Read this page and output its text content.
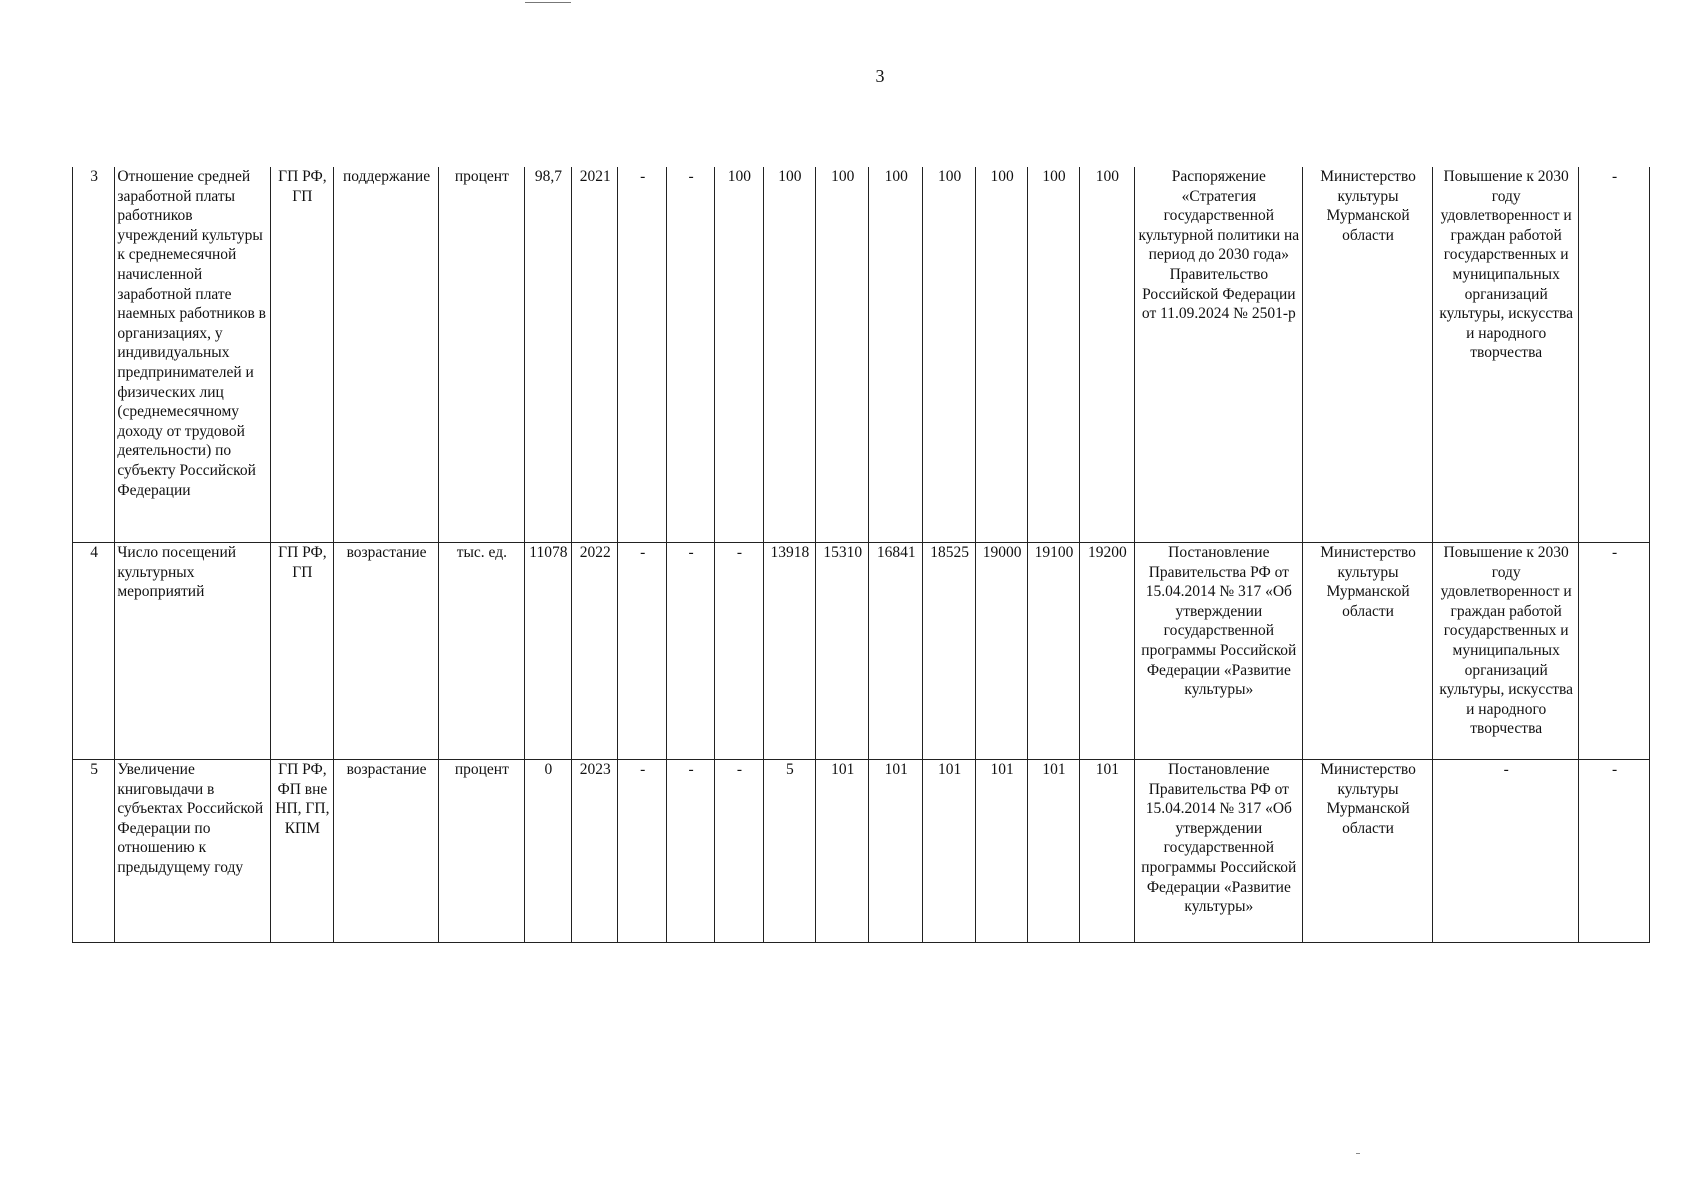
3
3	Отношение средней заработной платы работников учреждений культуры к среднемесячной начисленной заработной плате наемных работников в организациях, у индивидуальных предпринимателей и физических лиц (среднемесячному доходу от трудовой деятельности) по субъекту Российской Федерации	ГП РФ, ГП	поддержание	процент	98,7	2021	-	-	100	100	100	100	100	100	100	100	Распоряжение «Стратегия государственной культурной политики на период до 2030 года» Правительство Российской Федерации от 11.09.2024 № 2501-р	Министерство культуры Мурманской области	Повышение к 2030 году удовлетворенност и граждан работой государственных и муниципальных организаций культуры, искусства и народного творчества	-
4	Число посещений культурных мероприятий	ГП РФ, ГП	возрастание	тыс. ед.	11078	2022	-	-	-	13918	15310	16841	18525	19000	19100	19200	Постановление Правительства РФ от 15.04.2014 № 317 «Об утверждении государственной программы Российской Федерации «Развитие культуры»	Министерство культуры Мурманской области	Повышение к 2030 году удовлетворенност и граждан работой государственных и муниципальных организаций культуры, искусства и народного творчества	-
5	Увеличение книговыдачи в субъектах Российской Федерации по отношению к предыдущему году	ГП РФ, ФП вне НП, ГП, КПМ	возрастание	процент	0	2023	-	-	-	5	101	101	101	101	101	101	Постановление Правительства РФ от 15.04.2014 № 317 «Об утверждении государственной программы Российской Федерации «Развитие культуры»	Министерство культуры Мурманской области	-	-
